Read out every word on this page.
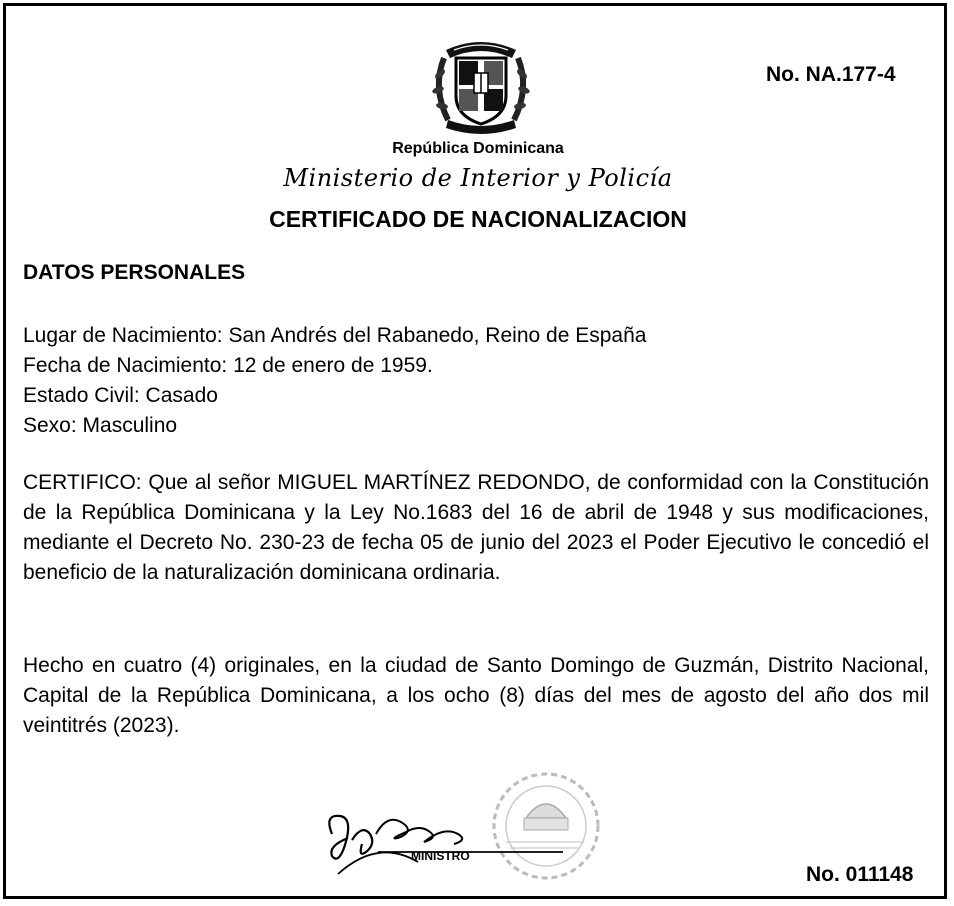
No. NA.177-4
República Dominicana
Ministerio de Interior y Policía
CERTIFICADO DE NACIONALIZACION
DATOS PERSONALES
Lugar de Nacimiento: San Andrés del Rabanedo, Reino de España
Fecha de Nacimiento: 12 de enero de 1959.
Estado Civil: Casado
Sexo: Masculino
CERTIFICO: Que al señor MIGUEL MARTÍNEZ REDONDO, de conformidad con la Constitución de la República Dominicana y la Ley No.1683 del 16 de abril de 1948 y sus modificaciones, mediante el Decreto No. 230-23 de fecha 05 de junio del 2023 el Poder Ejecutivo le concedió el beneficio de la naturalización dominicana ordinaria.
Hecho en cuatro (4) originales, en la ciudad de Santo Domingo de Guzmán, Distrito Nacional, Capital de la República Dominicana, a los ocho (8) días del mes de agosto del año dos mil veintitrés (2023).
MINISTRO
No. 011148
